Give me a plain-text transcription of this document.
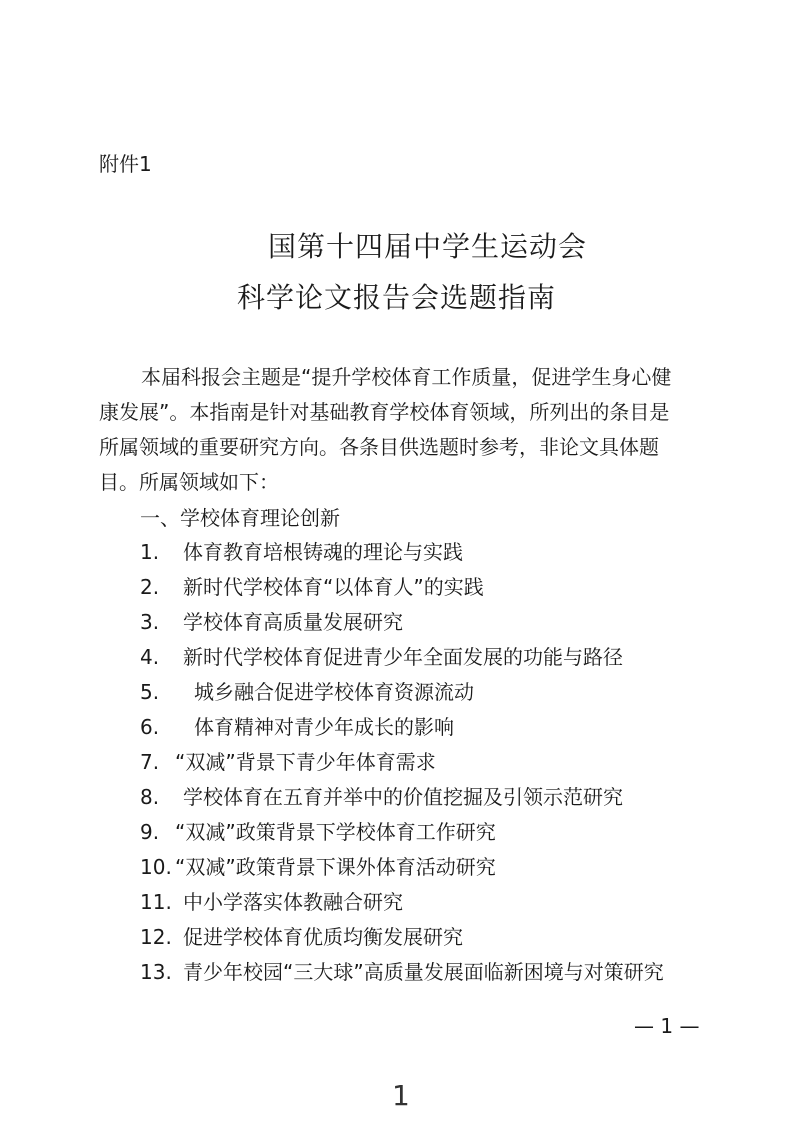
附件1
国第十四届中学生运动会
科学论文报告会选题指南
本届科报会主题是“提升学校体育工作质量，促进学生身心健
康发展”。本指南是针对基础教育学校体育领域，所列出的条目是
所属领域的重要研究方向。各条目供选题时参考，非论文具体题
目。所属领域如下：
一、学校体育理论创新
1. 体育教育培根铸魂的理论与实践
2. 新时代学校体育“以体育人”的实践
3. 学校体育高质量发展研究
4. 新时代学校体育促进青少年全面发展的功能与路径
5. 城乡融合促进学校体育资源流动
6. 体育精神对青少年成长的影响
7. “双减”背景下青少年体育需求
8. 学校体育在五育并举中的价值挖掘及引领示范研究
9. “双减”政策背景下学校体育工作研究
10. “双减”政策背景下课外体育活动研究
11. 中小学落实体教融合研究
12. 促进学校体育优质均衡发展研究
13. 青少年校园“三大球”高质量发展面临新困境与对策研究
— 1 —
1
